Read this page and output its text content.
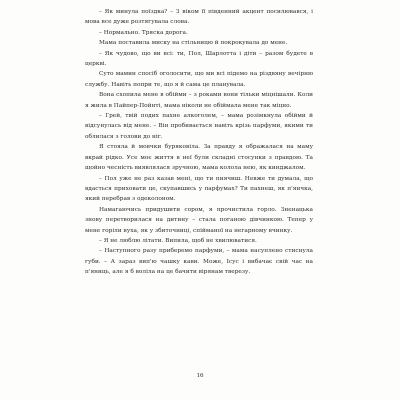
– Як минула поїздка? – З віком її південний акцент посилювався, і мова все дуже розтягувала слова.

– Нормально. Тряска дорога.

Мама поставила миску на стільницю й покрокувала до мене.

– Як чудово, що ви всі: ти, Пол, Шарлотта і діти – разом будете в церкві.

Суто мамин спосіб оголосити, що ми всі підемо на різдвяну вечірню службу. Навіть попри те, що я й сама це планувала.

Вона схопила мене в обійми – з роками вони тільки міцнішали. Коли я жила в Пайпер-Пойнті, мама ніколи не обіймала мене так міцно.

– Грей, твій подих пахне алкоголем, – мама розімкнула обійми й відсунулась від мене. – Він пробивається навіть крізь парфуми, якими ти облилася з голови до ніг.

Я стояла й мовчки буряковіла. За правду я ображалася на маму вкрай рідко. Усе моє життя в неї були складні стосунки з правдою. Та щойно чесність виявлялася зручною, мама колола нею, як кинджалом.

– Пол уже не раз казав мені, що ти пиячиш. Невже ти думала, що вдасться приховати це, скупавшись у парфумах? Ти пахнеш, як п'янчка, який перебрав з одеколоном.

Намагаючись придушити сором, я прочистила горло. Зненацька знову перетворилася на дитину – стала поганою дівчинкою. Тепер у мене горіли вуха, як у збиточниці, спійманої на негарному вчинку.

– Я не люблю літати. Випила, щоб не хвилюватися.

– Наступного разу приберемо парфуми, – мама насуплено стиснула губи. – А зараз вип'ю чашку кави. Може, Ісус і вибачає свій час на п'яниць, але я б воліла на це бачити вірянам тверезу.

16
